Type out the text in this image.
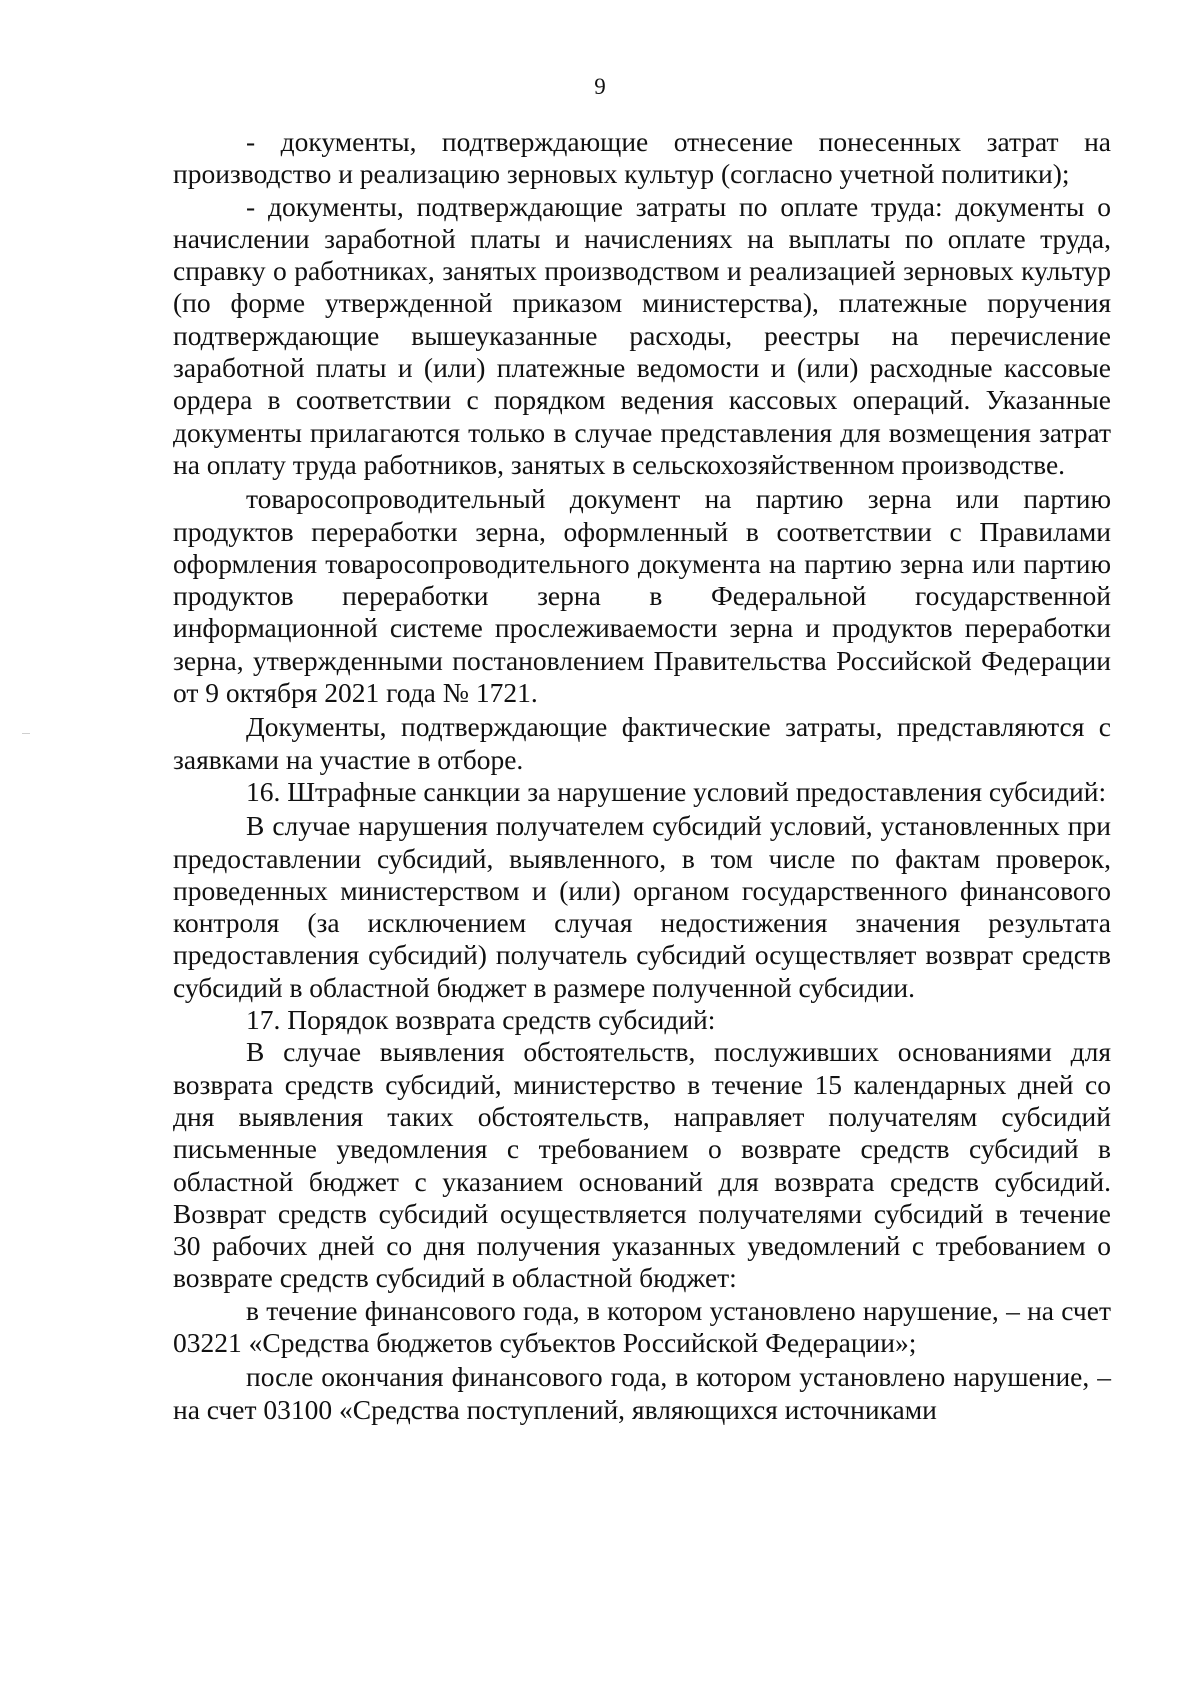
9

- документы, подтверждающие отнесение понесенных затрат на производство и реализацию зерновых культур (согласно учетной политики);

- документы, подтверждающие затраты по оплате труда: документы о начислении заработной платы и начислениях на выплаты по оплате труда, справку о работниках, занятых производством и реализацией зерновых культур (по форме утвержденной приказом министерства), платежные поручения подтверждающие вышеуказанные расходы, реестры на перечисление заработной платы и (или) платежные ведомости и (или) расходные кассовые ордера в соответствии с порядком ведения кассовых операций. Указанные документы прилагаются только в случае представления для возмещения затрат на оплату труда работников, занятых в сельскохозяйственном производстве.

товаросопроводительный документ на партию зерна или партию продуктов переработки зерна, оформленный в соответствии с Правилами оформления товаросопроводительного документа на партию зерна или партию продуктов переработки зерна в Федеральной государственной информационной системе прослеживаемости зерна и продуктов переработки зерна, утвержденными постановлением Правительства Российской Федерации от 9 октября 2021 года № 1721.

Документы, подтверждающие фактические затраты, представляются с заявками на участие в отборе.

16. Штрафные санкции за нарушение условий предоставления субсидий:

В случае нарушения получателем субсидий условий, установленных при предоставлении субсидий, выявленного, в том числе по фактам проверок, проведенных министерством и (или) органом государственного финансового контроля (за исключением случая недостижения значения результата предоставления субсидий) получатель субсидий осуществляет возврат средств субсидий в областной бюджет в размере полученной субсидии.

17. Порядок возврата средств субсидий:

В случае выявления обстоятельств, послуживших основаниями для возврата средств субсидий, министерство в течение 15 календарных дней со дня выявления таких обстоятельств, направляет получателям субсидий письменные уведомления с требованием о возврате средств субсидий в областной бюджет с указанием оснований для возврата средств субсидий. Возврат средств субсидий осуществляется получателями субсидий в течение 30 рабочих дней со дня получения указанных уведомлений с требованием о возврате средств субсидий в областной бюджет:

в течение финансового года, в котором установлено нарушение, – на счет 03221 «Средства бюджетов субъектов Российской Федерации»;

после окончания финансового года, в котором установлено нарушение, – на счет 03100 «Средства поступлений, являющихся источниками
